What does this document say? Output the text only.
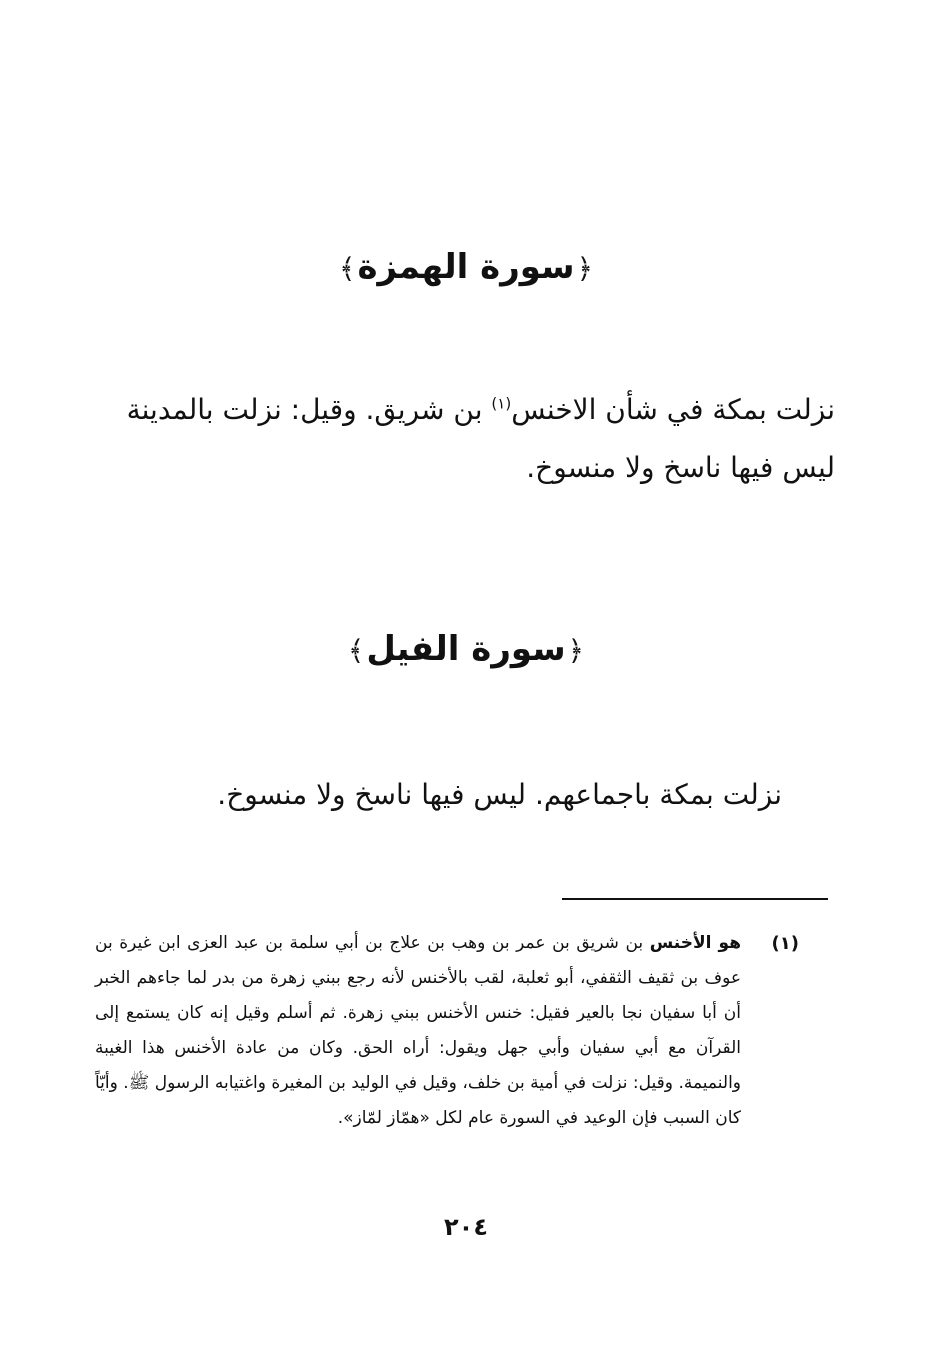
﴿سورة الهمزة﴾
نزلت بمكة في شأن الاخنس$^{(١)}$ بن شريق. وقيل: نزلت بالمدينة ليس فيها ناسخ ولا منسوخ.
﴿سورة الفيل﴾
نزلت بمكة باجماعهم. ليس فيها ناسخ ولا منسوخ.
(١)
هو الأخنس بن شريق بن عمر بن وهب بن علاج بن أبي سلمة بن عبد العزى ابن غيرة بن عوف بن ثقيف الثقفي، أبو ثعلبة، لقب بالأخنس لأنه رجع ببني زهرة من بدر لما جاءهم الخبر أن أبا سفيان نجا بالعير فقيل: خنس الأخنس ببني زهرة. ثم أسلم وقيل إنه كان يستمع إلى القرآن مع أبي سفيان وأبي جهل ويقول: أراه الحق. وكان من عادة الأخنس هذا الغيبة والنميمة. وقيل: نزلت في أمية بن خلف، وقيل في الوليد بن المغيرة واغتيابه الرسول ﷺ. وأيّاً كان السبب فإن الوعيد في السورة عام لكل «همّاز لمّاز».
٢٠٤
